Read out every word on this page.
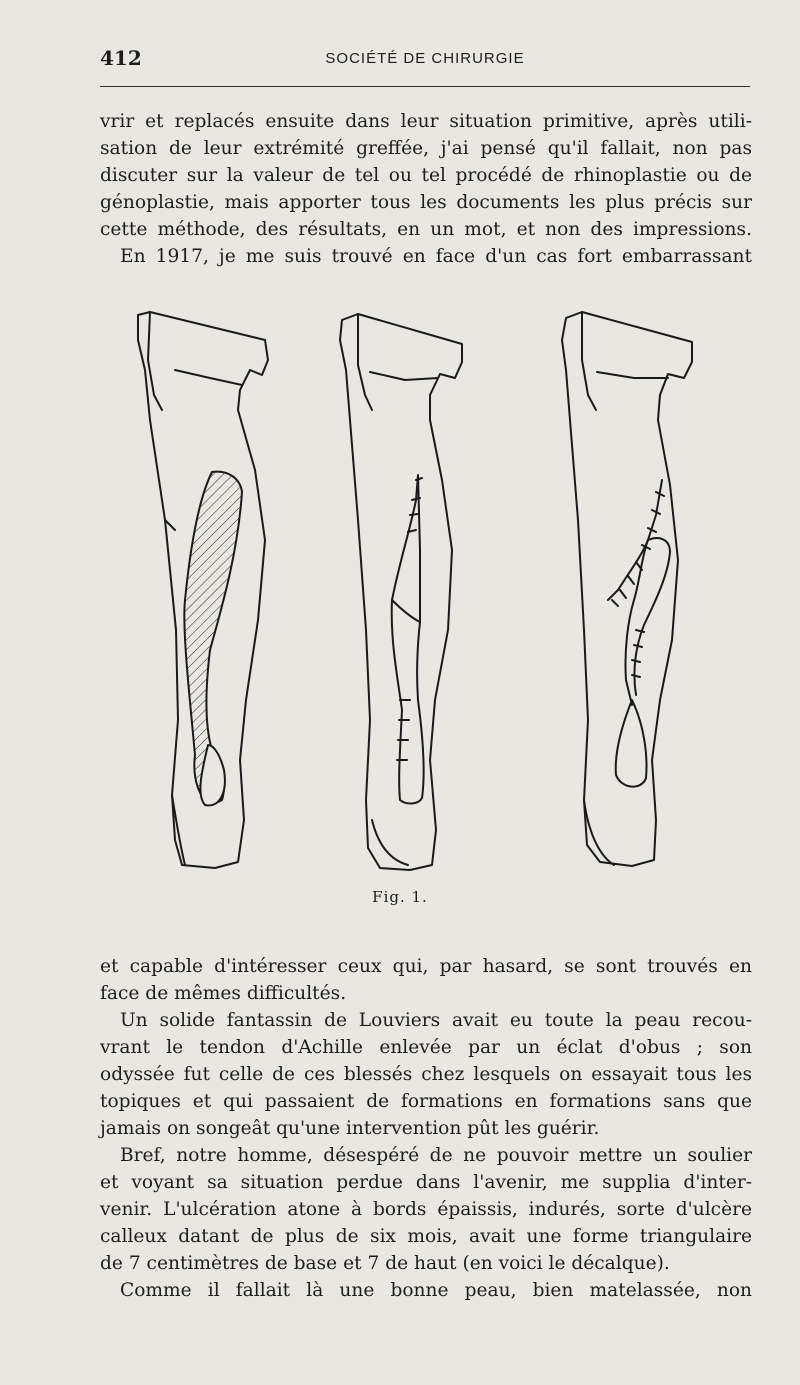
412	SOCIÉTÉ DE CHIRURGIE
vrir et replacés ensuite dans leur situation primitive, après utili-
sation de leur extrémité greffée, j'ai pensé qu'il fallait, non pas
discuter sur la valeur de tel ou tel procédé de rhinoplastie ou de
génoplastie, mais apporter tous les documents les plus précis sur
cette méthode, des résultats, en un mot, et non des impressions.
En 1917, je me suis trouvé en face d'un cas fort embarrassant
Fig. 1.
et capable d'intéresser ceux qui, par hasard, se sont trouvés en
face de mêmes difficultés.
Un solide fantassin de Louviers avait eu toute la peau recou-
vrant le tendon d'Achille enlevée par un éclat d'obus ; son
odyssée fut celle de ces blessés chez lesquels on essayait tous les
topiques et qui passaient de formations en formations sans que
jamais on songeât qu'une intervention pût les guérir.
Bref, notre homme, désespéré de ne pouvoir mettre un soulier
et voyant sa situation perdue dans l'avenir, me supplia d'inter-
venir. L'ulcération atone à bords épaissis, indurés, sorte d'ulcère
calleux datant de plus de six mois, avait une forme triangulaire
de 7 centimètres de base et 7 de haut (en voici le décalque).
Comme il fallait là une bonne peau, bien matelassée, non
